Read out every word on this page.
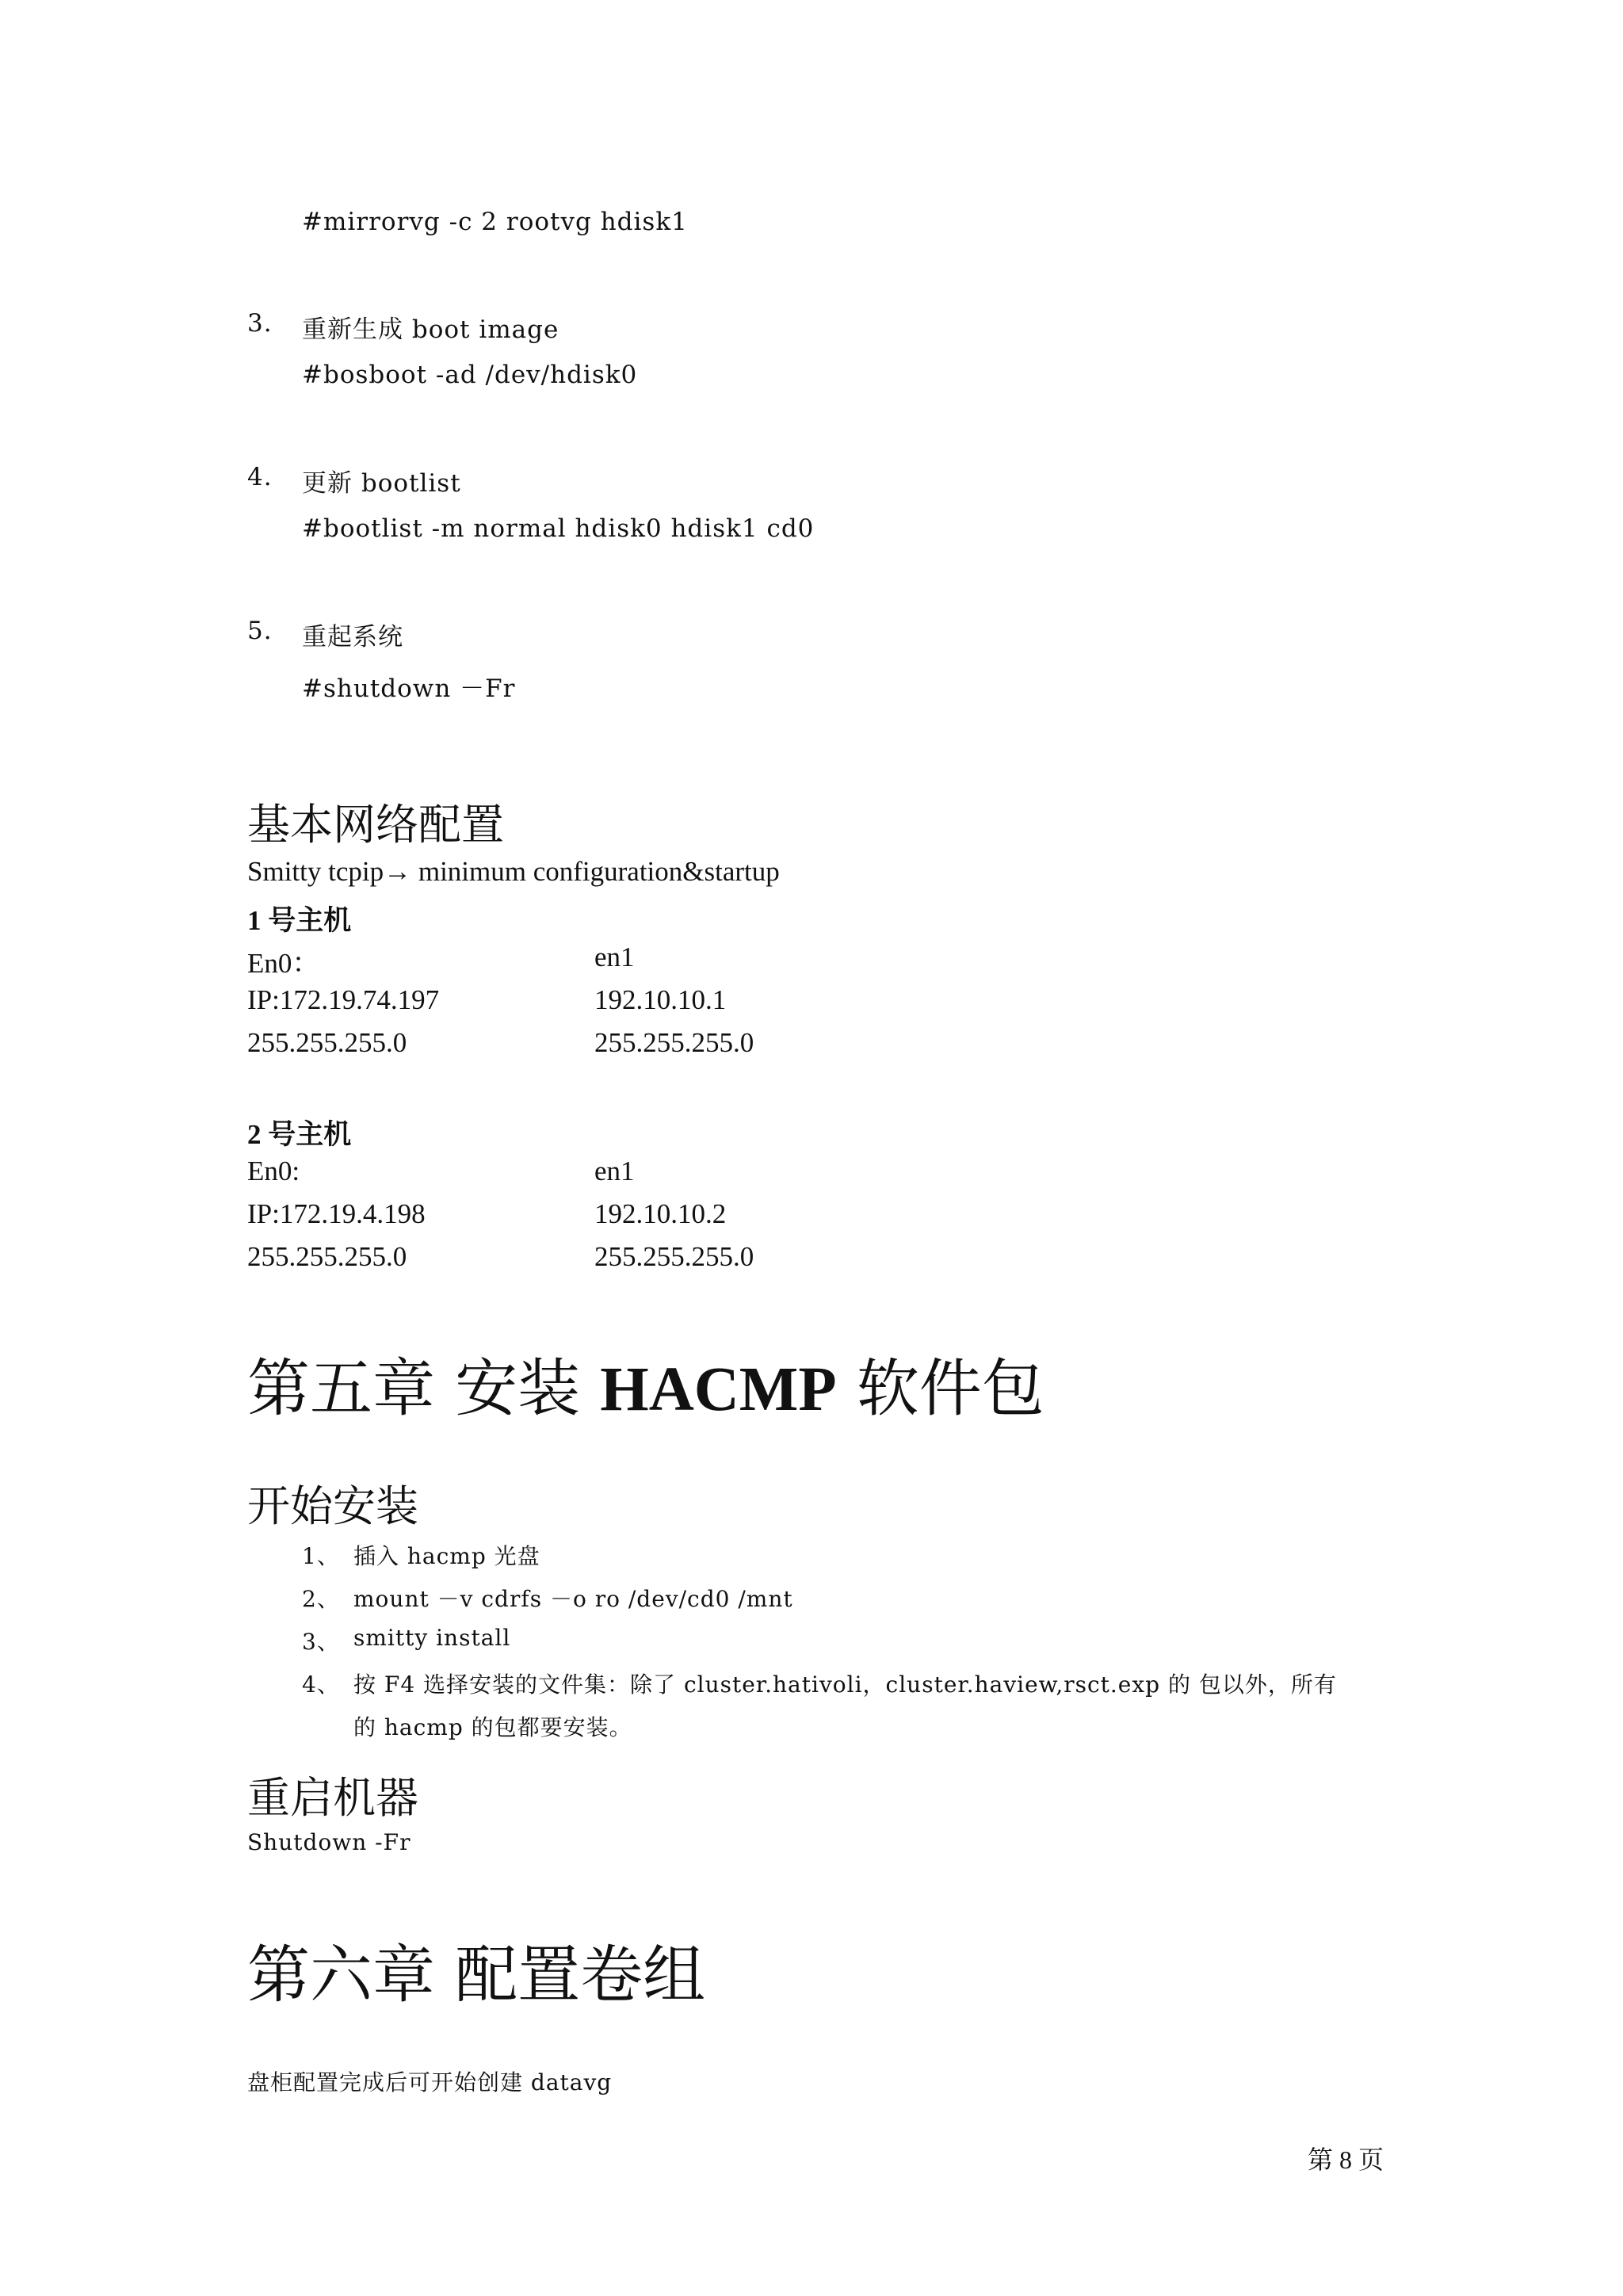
#mirrorvg -c 2 rootvg hdisk1
3. 重新生成 boot image
#bosboot -ad /dev/hdisk0
4. 更新 bootlist
#bootlist -m normal hdisk0 hdisk1 cd0
5. 重起系统
#shutdown －Fr
基本网络配置
Smitty tcpip→ minimum configuration&startup
1 号主机
En0：	en1
IP:172.19.74.197	192.10.10.1
255.255.255.0	255.255.255.0
2 号主机
En0:	en1
IP:172.19.4.198	192.10.10.2
255.255.255.0	255.255.255.0
第五章 安装 HACMP 软件包
开始安装
1、 插入 hacmp 光盘
2、 mount －v cdrfs －o ro /dev/cd0 /mnt
3、 smitty install
4、 按 F4 选择安装的文件集：除了 cluster.hativoli，cluster.haview,rsct.exp 的 包以外，所有
的 hacmp 的包都要安装。
重启机器
Shutdown -Fr
第六章 配置卷组
盘柜配置完成后可开始创建 datavg
第 8 页
